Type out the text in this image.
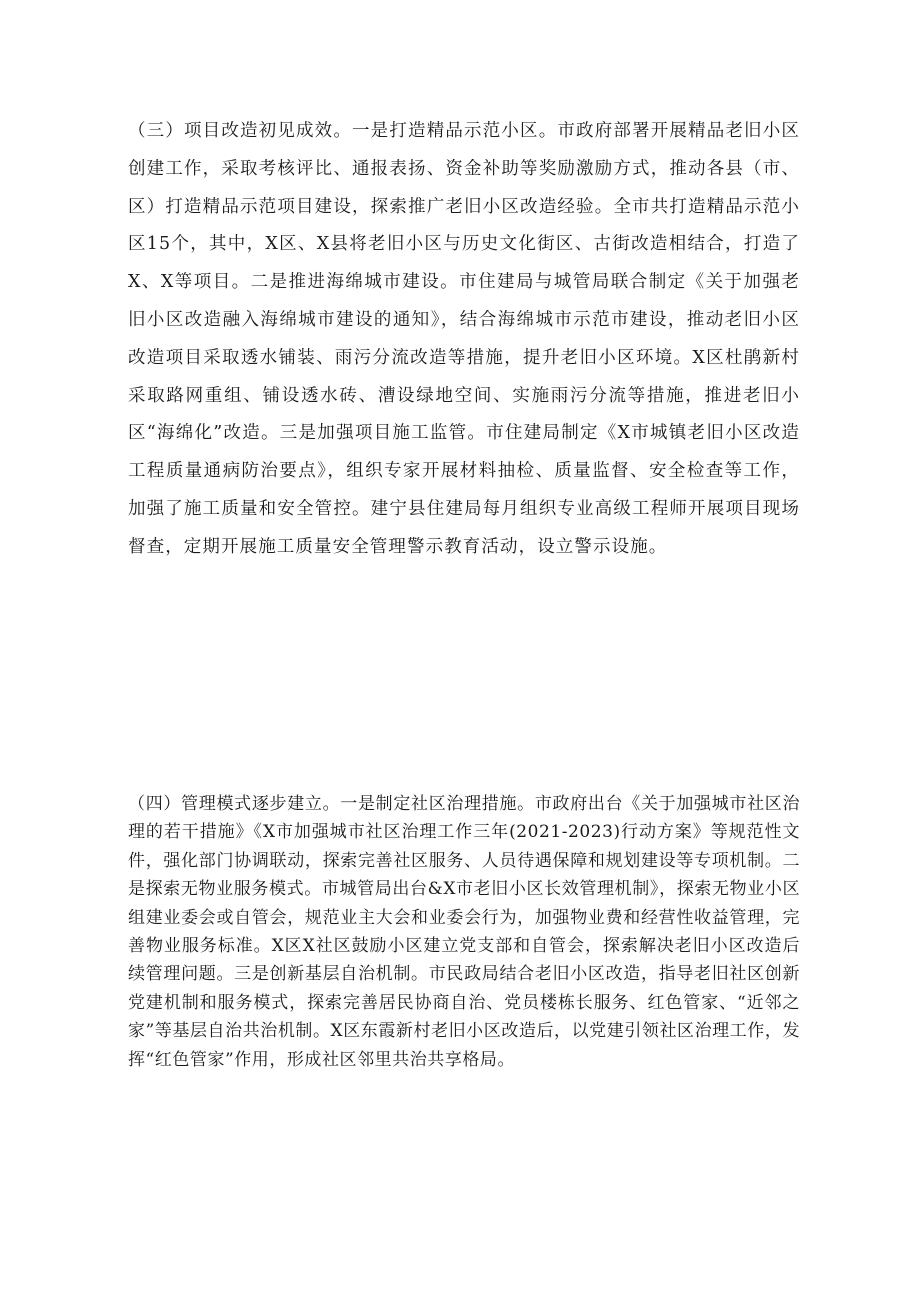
（三）项目改造初见成效。一是打造精品示范小区。市政府部署开展精品老旧小区创建工作，采取考核评比、通报表扬、资金补助等奖励激励方式，推动各县（市、区）打造精品示范项目建设，探索推广老旧小区改造经验。全市共打造精品示范小区15个，其中，X区、X县将老旧小区与历史文化街区、古街改造相结合，打造了X、X等项目。二是推进海绵城市建设。市住建局与城管局联合制定《关于加强老旧小区改造融入海绵城市建设的通知》，结合海绵城市示范市建设，推动老旧小区改造项目采取透水铺装、雨污分流改造等措施，提升老旧小区环境。X区杜鹃新村采取路网重组、铺设透水砖、漕设绿地空间、实施雨污分流等措施，推进老旧小区“海绵化”改造。三是加强项目施工监管。市住建局制定《X市城镇老旧小区改造工程质量通病防治要点》，组织专家开展材料抽检、质量监督、安全检查等工作，加强了施工质量和安全管控。建宁县住建局每月组织专业高级工程师开展项目现场督查，定期开展施工质量安全管理警示教育活动，设立警示设施。

（四）管理模式逐步建立。一是制定社区治理措施。市政府出台《关于加强城市社区治理的若干措施》《X市加强城市社区治理工作三年(2021-2023)行动方案》等规范性文件，强化部门协调联动，探索完善社区服务、人员待遇保障和规划建设等专项机制。二是探索无物业服务模式。市城管局出台&X市老旧小区长效管理机制》，探索无物业小区组建业委会或自管会，规范业主大会和业委会行为，加强物业费和经营性收益管理，完善物业服务标准。X区X社区鼓励小区建立党支部和自管会，探索解决老旧小区改造后续管理问题。三是创新基层自治机制。市民政局结合老旧小区改造，指导老旧社区创新党建机制和服务模式，探索完善居民协商自治、党员楼栋长服务、红色管家、“近邻之家”等基层自治共治机制。X区东霞新村老旧小区改造后，以党建引领社区治理工作，发挥“红色管家”作用，形成社区邻里共治共享格局。
